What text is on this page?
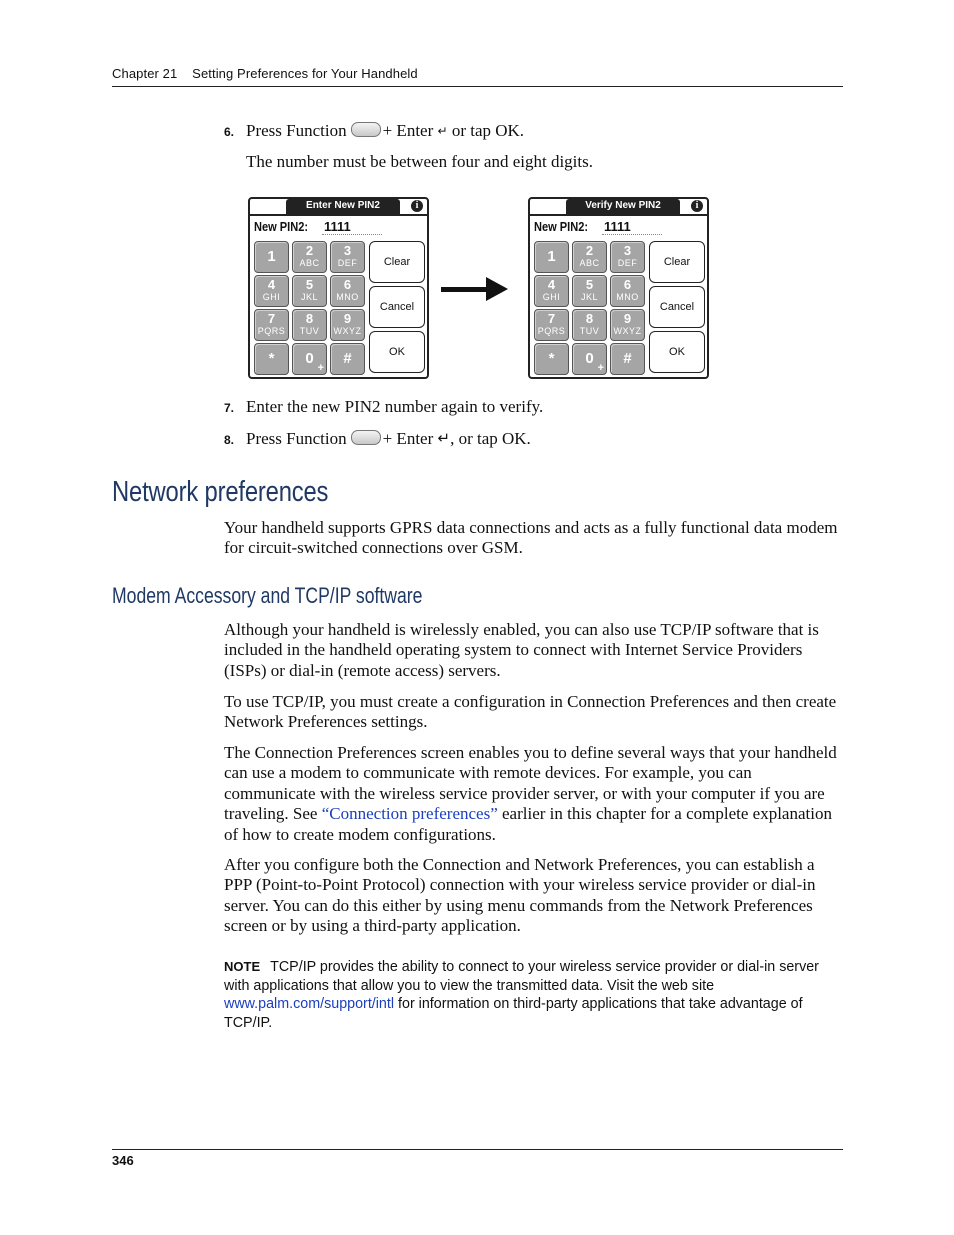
Chapter 21    Setting Preferences for Your Handheld
6. Press Function + Enter ↵ or tap OK.
The number must be between four and eight digits.
Enter New PIN2	i
New PIN2: 1111
1	2
ABC
3
DEF
4
GHI
5
JKL
6
MNO
7
PQRS
8
TUV
9
WXYZ
*	0
+
#
Clear
Cancel
OK
Verify New PIN2	i
New PIN2: 1111
1	2
ABC
3
DEF
4
GHI
5
JKL
6
MNO
7
PQRS
8
TUV
9
WXYZ
*	0
+
#
Clear
Cancel
OK
7. Enter the new PIN2 number again to verify.
8. Press Function + Enter ↵, or tap OK.
Network preferences
Your handheld supports GPRS data connections and acts as a fully functional data modem for circuit-switched connections over GSM.
Modem Accessory and TCP/IP software
Although your handheld is wirelessly enabled, you can also use TCP/IP software that is included in the handheld operating system to connect with Internet Service Providers (ISPs) or dial-in (remote access) servers.
To use TCP/IP, you must create a configuration in Connection Preferences and then create Network Preferences settings.
The Connection Preferences screen enables you to define several ways that your handheld can use a modem to communicate with remote devices. For example, you can communicate with the wireless service provider server, or with your computer if you are traveling. See “Connection preferences” earlier in this chapter for a complete explanation of how to create modem configurations.
After you configure both the Connection and Network Preferences, you can establish a PPP (Point-to-Point Protocol) connection with your wireless service provider or dial-in server. You can do this either by using menu commands from the Network Preferences screen or by using a third-party application.
NOTE TCP/IP provides the ability to connect to your wireless service provider or dial-in server with applications that allow you to view the transmitted data. Visit the web site www.palm.com/support/intl for information on third-party applications that take advantage of TCP/IP.
346
